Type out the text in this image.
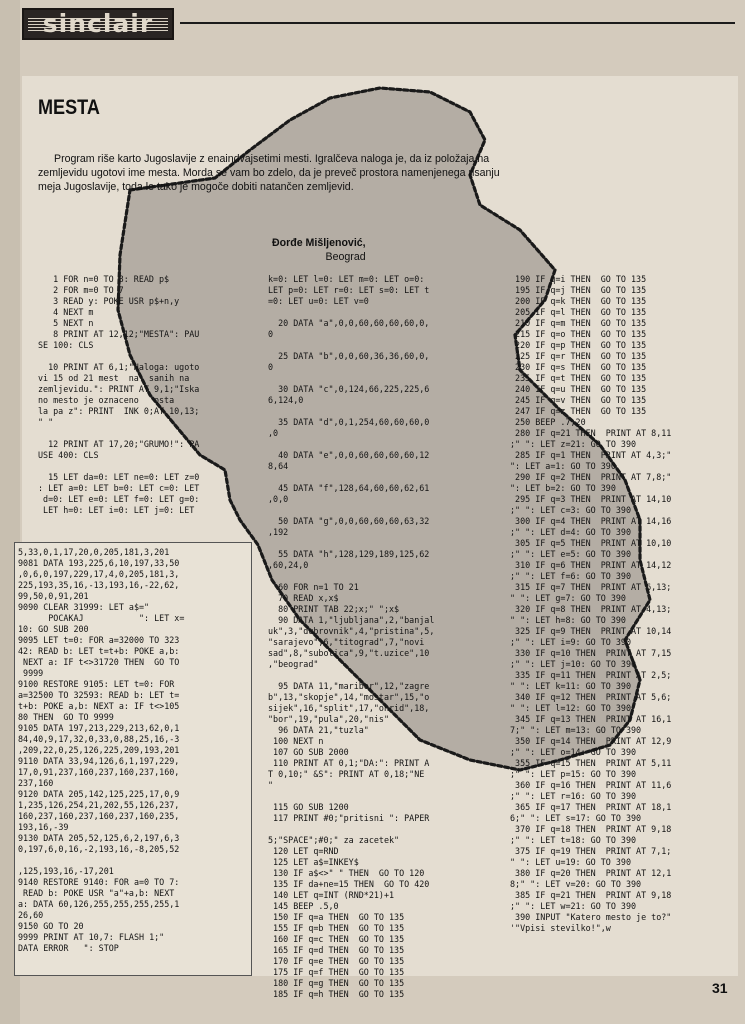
sinclair
MESTA

Program riše karto Jugoslavije z enaindvajsetimi mesti. Igralčeva naloga je, da iz položaja na zemljevidu ugotovi ime mesta. Morda se vam bo zdelo, da je preveč prostora namenjenega risanju meja Jugoslavije, toda le tako je mogoče dobiti natančen zemljevid.

Đorđe Mišljenović,
Beograd

1 FOR n=0 TO 8: READ p$
2 FOR m=0 TO 7
3 READ y: POKE USR p$+n,y
4 NEXT m
5 NEXT n
8 PRINT AT 12,12;"MESTA": PAU
SE 100: CLS

10 PRINT AT 6,1;"Naloga: ugoto
vi 15 od 21 mest  na  sanih na
zemljevidu.": PRINT AT 9,1;"Iska
no mesto je oznaceno   osta
la pa z": PRINT  INK 0;AT 10,13;
" "

12 PRINT AT 17,20;"GRUMO!": PA
USE 400: CLS

15 LET da=0: LET ne=0: LET z=0
: LET a=0: LET b=0: LET c=0: LET
d=0: LET e=0: LET f=0: LET g=0:
LET h=0: LET i=0: LET j=0: LET
k=0: LET l=0: LET m=0: LET o=0:
LET p=0: LET r=0: LET s=0: LET t
=0: LET u=0: LET v=0

20 DATA "a",0,0,60,60,60,60,0,
0

25 DATA "b",0,0,60,36,36,60,0,
0

30 DATA "c",0,124,66,225,225,6
6,124,0

35 DATA "d",0,1,254,60,60,60,0
,0

40 DATA "e",0,0,60,60,60,60,12
8,64

45 DATA "f",128,64,60,60,62,61
,0,0

50 DATA "g",0,0,60,60,60,63,32
,192

55 DATA "h",128,129,189,125,62
,60,24,0

60 FOR n=1 TO 21
70 READ x,x$
80 PRINT TAB 22;x;" ";x$
90 DATA 1,"ljubljana",2,"banjal
uk",3,"dubrovnik",4,"pristina",5,
"sarajevo",6,"titograd",7,"novi
sad",8,"subotica",9,"t.uzice",10
,"beograd"

95 DATA 11,"maribor",12,"zagre
b",13,"skopje",14,"mostar",15,"o
sijek",16,"split",17,"ohrid",18,
"bor",19,"pula",20,"nis"
96 DATA 21,"tuzla"
100 NEXT n
107 GO SUB 2000
110 PRINT AT 0,1;"DA:": PRINT A
T 0,10;" &S": PRINT AT 0,18;"NE
"

115 GO SUB 1200
117 PRINT #0;"pritisni ": PAPER

5;"SPACE";#0;" za zacetek"
120 LET q=RND
125 LET a$=INKEY$
130 IF a$<>" " THEN  GO TO 120
135 IF da+ne=15 THEN  GO TO 420
140 LET q=INT (RND*21)+1
145 BEEP .5,0
150 IF q=a THEN  GO TO 135
155 IF q=b THEN  GO TO 135
160 IF q=c THEN  GO TO 135
165 IF q=d THEN  GO TO 135
170 IF q=e THEN  GO TO 135
175 IF q=f THEN  GO TO 135
180 IF q=g THEN  GO TO 135
185 IF q=h THEN  GO TO 135
190 IF q=i THEN  GO TO 135
195 IF q=j THEN  GO TO 135
200 IF q=k THEN  GO TO 135
205 IF q=l THEN  GO TO 135
210 IF q=m THEN  GO TO 135
215 IF q=o THEN  GO TO 135
220 IF q=p THEN  GO TO 135
225 IF q=r THEN  GO TO 135
230 IF q=s THEN  GO TO 135
235 IF q=t THEN  GO TO 135
240 IF q=u THEN  GO TO 135
245 IF q=v THEN  GO TO 135
247 IF q=z THEN  GO TO 135
250 BEEP .7,20
280 IF q=21 THEN  PRINT AT 8,11
;" ": LET z=21: GO TO 390
285 IF q=1 THEN  PRINT AT 4,3;"
": LET a=1: GO TO 390
290 IF q=2 THEN  PRINT AT 7,8;"
": LET b=2: GO TO 390
295 IF q=3 THEN  PRINT AT 14,10
;" ": LET c=3: GO TO 390
300 IF q=4 THEN  PRINT AT 14,16
;" ": LET d=4: GO TO 390
305 IF q=5 THEN  PRINT AT 10,10
;" ": LET e=5: GO TO 390
310 IF q=6 THEN  PRINT AT 14,12
;" ": LET f=6: GO TO 390
315 IF q=7 THEN  PRINT AT 6,13;
" ": LET g=7: GO TO 390
320 IF q=8 THEN  PRINT AT 4,13;
" ": LET h=8: GO TO 390
325 IF q=9 THEN  PRINT AT 10,14
;" ": LET i=9: GO TO 390
330 IF q=10 THEN  PRINT AT 7,15
;" ": LET j=10: GO TO 390
335 IF q=11 THEN  PRINT AT 2,5;
" ": LET k=11: GO TO 390
340 IF q=12 THEN  PRINT AT 5,6;
" ": LET l=12: GO TO 390
345 IF q=13 THEN  PRINT AT 16,1
7;" ": LET m=13: GO TO 390
350 IF q=14 THEN  PRINT AT 12,9
;" ": LET o=14: GO TO 390
355 IF q=15 THEN  PRINT AT 5,11
;" ": LET p=15: GO TO 390
360 IF q=16 THEN  PRINT AT 11,6
;" ": LET r=16: GO TO 390
365 IF q=17 THEN  PRINT AT 18,1
6;" ": LET s=17: GO TO 390
370 IF q=18 THEN  PRINT AT 9,18
;" ": LET t=18: GO TO 390
375 IF q=19 THEN  PRINT AT 7,1;
" ": LET u=19: GO TO 390
380 IF q=20 THEN  PRINT AT 12,1
8;" ": LET v=20: GO TO 390
385 IF q=21 THEN  PRINT AT 9,18
;" ": LET w=21: GO TO 390
390 INPUT "Katero mesto je to?"
'"Vpisi stevilko!",w
5,33,0,1,17,20,0,205,181,3,201
9081 DATA 193,225,6,10,197,33,50
,0,6,0,197,229,17,4,0,205,181,3,
225,193,35,16,-13,193,16,-22,62,
99,50,0,91,201
9090 CLEAR 31999: LET a$="
POCAKAJ           ": LET x=
10: GO SUB 200
9095 LET t=0: FOR a=32000 TO 323
42: READ b: LET t=t+b: POKE a,b:
NEXT a: IF t<>31720 THEN  GO TO
9999
9100 RESTORE 9105: LET t=0: FOR
a=32500 TO 32593: READ b: LET t=
t+b: POKE a,b: NEXT a: IF t<>105
80 THEN  GO TO 9999
9105 DATA 197,213,229,213,62,0,1
84,40,9,17,32,0,33,0,88,25,16,-3
,209,22,0,25,126,225,209,193,201
9110 DATA 33,94,126,6,1,197,229,
17,0,91,237,160,237,160,237,160,
237,160
9120 DATA 205,142,125,225,17,0,9
1,235,126,254,21,202,55,126,237,
160,237,160,237,160,237,160,235,
193,16,-39
9130 DATA 205,52,125,6,2,197,6,3
0,197,6,0,16,-2,193,16,-8,205,52

,125,193,16,-17,201
9140 RESTORE 9140: FOR a=0 TO 7:
READ b: POKE USR "a"+a,b: NEXT
a: DATA 60,126,255,255,255,255,1
26,60
9150 GO TO 20
9999 PRINT AT 10,7: FLASH 1;"
DATA ERROR   ": STOP
31
